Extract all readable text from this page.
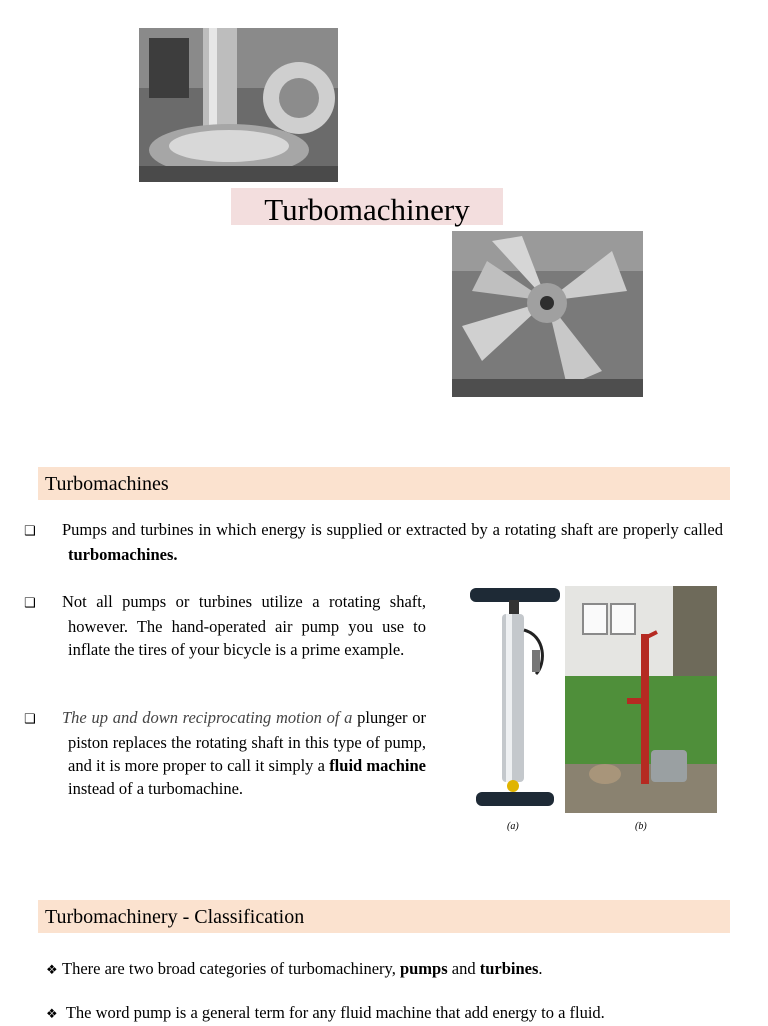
Turbomachinery
Turbomachines
❑ Pumps and turbines in which energy is supplied or extracted by a rotating shaft are properly called turbomachines.
❑ Not all pumps or turbines utilize a rotating shaft, however. The hand-operated air pump you use to inflate the tires of your bicycle is a prime example.
❑ The up and down reciprocating motion of a plunger or piston replaces the rotating shaft in this type of pump, and it is more proper to call it simply a fluid machine instead of a turbomachine.
(a)	(b)
Turbomachinery - Classification
❖ There are two broad categories of turbomachinery, pumps and turbines.
❖ The word pump is a general term for any fluid machine that add energy to a fluid.
